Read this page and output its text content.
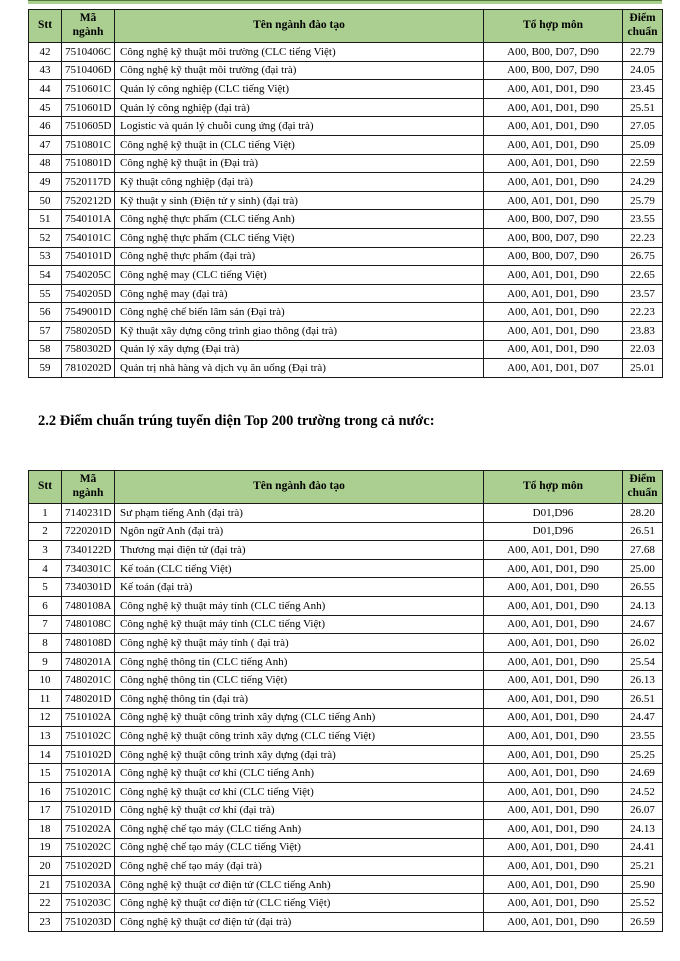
Stt	Mã ngành	Tên ngành đào tạo	Tổ hợp môn	Điểm chuẩn
42	7510406C	Công nghệ kỹ thuật môi trường (CLC tiếng Việt)	A00, B00, D07, D90	22.79
43	7510406D	Công nghệ kỹ thuật môi trường (đại trà)	A00, B00, D07, D90	24.05
44	7510601C	Quản lý công nghiệp (CLC tiếng Việt)	A00, A01, D01, D90	23.45
45	7510601D	Quản lý công nghiệp (đại trà)	A00, A01, D01, D90	25.51
46	7510605D	Logistic và quản lý chuỗi cung ứng (đại trà)	A00, A01, D01, D90	27.05
47	7510801C	Công nghệ kỹ thuật in (CLC tiếng Việt)	A00, A01, D01, D90	25.09
48	7510801D	Công nghệ kỹ thuật in (Đại trà)	A00, A01, D01, D90	22.59
49	7520117D	Kỹ thuật công nghiệp (đại trà)	A00, A01, D01, D90	24.29
50	7520212D	Kỹ thuật y sinh (Điện tử y sinh) (đại trà)	A00, A01, D01, D90	25.79
51	7540101A	Công nghệ thực phẩm (CLC tiếng Anh)	A00, B00, D07, D90	23.55
52	7540101C	Công nghệ thực phẩm (CLC tiếng Việt)	A00, B00, D07, D90	22.23
53	7540101D	Công nghệ thực phẩm (đại trà)	A00, B00, D07, D90	26.75
54	7540205C	Công nghệ may (CLC tiếng Việt)	A00, A01, D01, D90	22.65
55	7540205D	Công nghệ may (đại trà)	A00, A01, D01, D90	23.57
56	7549001D	Công nghệ chế biến lâm sản (Đại trà)	A00, A01, D01, D90	22.23
57	7580205D	Kỹ thuật xây dựng công trình giao thông (đại trà)	A00, A01, D01, D90	23.83
58	7580302D	Quản lý xây dựng (Đại trà)	A00, A01, D01, D90	22.03
59	7810202D	Quản trị nhà hàng và dịch vụ ăn uống (Đại trà)	A00, A01, D01, D07	25.01
2.2 Điểm chuẩn trúng tuyển diện Top 200 trường trong cả nước:
Stt	Mã ngành	Tên ngành đào tạo	Tổ hợp môn	Điểm chuẩn
1	7140231D	Sư phạm tiếng Anh (đại trà)	D01,D96	28.20
2	7220201D	Ngôn ngữ Anh (đại trà)	D01,D96	26.51
3	7340122D	Thương mại điện tử (đại trà)	A00, A01, D01, D90	27.68
4	7340301C	Kế toán (CLC tiếng Việt)	A00, A01, D01, D90	25.00
5	7340301D	Kế toán (đại trà)	A00, A01, D01, D90	26.55
6	7480108A	Công nghệ kỹ thuật máy tính (CLC tiếng Anh)	A00, A01, D01, D90	24.13
7	7480108C	Công nghệ kỹ thuật máy tính (CLC tiếng Việt)	A00, A01, D01, D90	24.67
8	7480108D	Công nghệ kỹ thuật máy tính ( đại trà)	A00, A01, D01, D90	26.02
9	7480201A	Công nghệ thông tin (CLC tiếng Anh)	A00, A01, D01, D90	25.54
10	7480201C	Công nghệ thông tin (CLC tiếng Việt)	A00, A01, D01, D90	26.13
11	7480201D	Công nghệ thông tin (đại trà)	A00, A01, D01, D90	26.51
12	7510102A	Công nghệ kỹ thuật công trình xây dựng (CLC tiếng Anh)	A00, A01, D01, D90	24.47
13	7510102C	Công nghệ kỹ thuật công trình xây dựng (CLC tiếng Việt)	A00, A01, D01, D90	23.55
14	7510102D	Công nghệ kỹ thuật công trình xây dựng (đại trà)	A00, A01, D01, D90	25.25
15	7510201A	Công nghệ kỹ thuật cơ khí (CLC tiếng Anh)	A00, A01, D01, D90	24.69
16	7510201C	Công nghệ kỹ thuật cơ khí (CLC tiếng Việt)	A00, A01, D01, D90	24.52
17	7510201D	Công nghệ kỹ thuật cơ khí (đại trà)	A00, A01, D01, D90	26.07
18	7510202A	Công nghệ chế tạo máy (CLC tiếng Anh)	A00, A01, D01, D90	24.13
19	7510202C	Công nghệ chế tạo máy (CLC tiếng Việt)	A00, A01, D01, D90	24.41
20	7510202D	Công nghệ chế tạo máy (đại trà)	A00, A01, D01, D90	25.21
21	7510203A	Công nghệ kỹ thuật cơ điện tử (CLC tiếng Anh)	A00, A01, D01, D90	25.90
22	7510203C	Công nghệ kỹ thuật cơ điện tử (CLC tiếng Việt)	A00, A01, D01, D90	25.52
23	7510203D	Công nghệ kỹ thuật cơ điện tử (đại trà)	A00, A01, D01, D90	26.59
